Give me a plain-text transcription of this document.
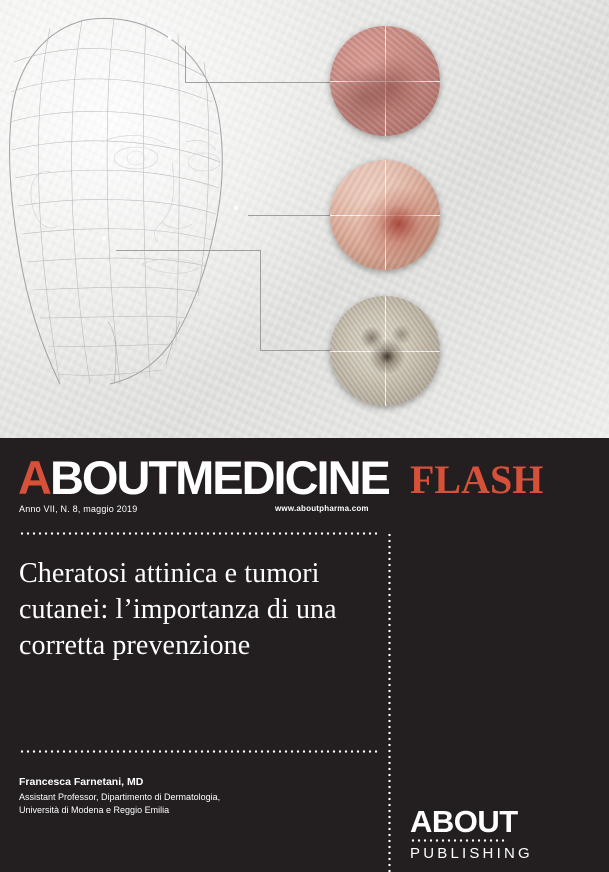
ABOUT MEDICINE FLASH
Anno VII, N. 8, maggio 2019	www.aboutpharma.com
Cheratosi attinica e tumori cutanei: l’importanza di una corretta prevenzione
Francesca Farnetani, MD
Assistant Professor, Dipartimento di Dermatologia,
Università di Modena e Reggio Emilia	ABOUT
PUBLISHING
